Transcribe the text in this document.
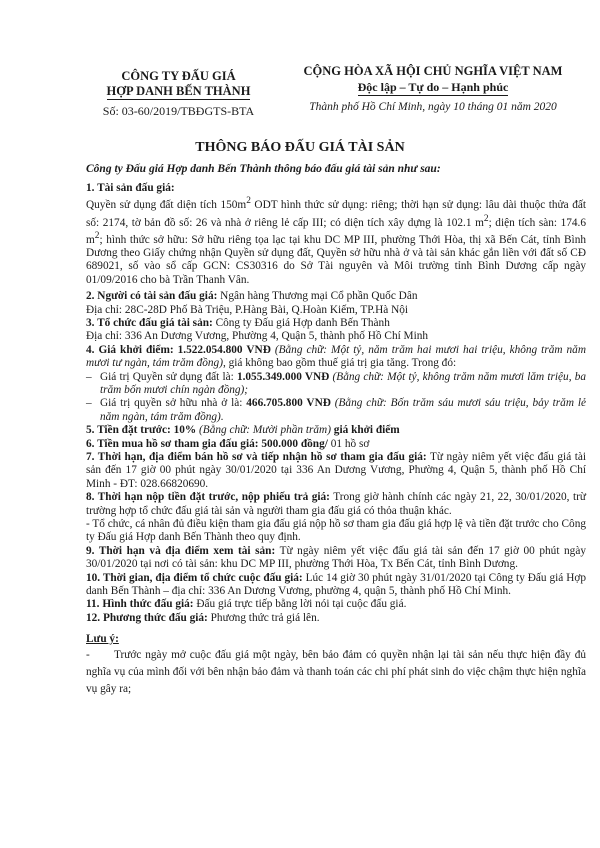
CÔNG TY ĐẤU GIÁ
HỢP DANH BẾN THÀNH
Số: 03-60/2019/TBĐGTS-BTA
CỘNG HÒA XÃ HỘI CHỦ NGHĨA VIỆT NAM
Độc lập – Tự do – Hạnh phúc
Thành phố Hồ Chí Minh, ngày 10 tháng 01 năm 2020
THÔNG BÁO ĐẤU GIÁ TÀI SẢN
Công ty Đấu giá Hợp danh Bến Thành thông báo đấu giá tài sản như sau:

1. Tài sản đấu giá:
Quyền sử dụng đất diện tích $150m^2$ ODT hình thức sử dụng: riêng; thời hạn sử dụng: lâu dài thuộc thửa đất số: 2174, tờ bản đồ số: 26 và nhà ở riêng lẻ cấp III; có diện tích xây dựng là 102.1 $m^2$; diện tích sàn: 174.6 $m^2$; hình thức sở hữu: Sở hữu riêng tọa lạc tại khu DC MP III, phường Thới Hòa, thị xã Bến Cát, tỉnh Bình Dương theo Giấy chứng nhận Quyền sử dụng đất, Quyền sở hữu nhà ở và tài sản khác gắn liền với đất số CĐ 689021, số vào sổ cấp GCN: CS30316 do Sở Tài nguyên và Môi trường tỉnh Bình Dương cấp ngày 01/09/2016 cho bà Trần Thanh Vân.

2. Người có tài sản đấu giá: Ngân hàng Thương mại Cổ phần Quốc Dân
Địa chỉ: 28C-28D Phố Bà Triệu, P.Hàng Bài, Q.Hoàn Kiếm, TP.Hà Nội

3. Tổ chức đấu giá tài sản: Công ty Đấu giá Hợp danh Bến Thành
Địa chỉ: 336 An Dương Vương, Phường 4, Quận 5, thành phố Hồ Chí Minh

4. Giá khởi điểm: 1.522.054.800 VNĐ (Bằng chữ: Một tỷ, năm trăm hai mươi hai triệu, không trăm năm mươi tư ngàn, tám trăm đồng), giá không bao gồm thuế giá trị gia tăng. Trong đó:

– Giá trị Quyền sử dụng đất là: 1.055.349.000 VNĐ (Bằng chữ: Một tỷ, không trăm năm mươi lăm triệu, ba trăm bốn mươi chín ngàn đồng);

– Giá trị quyền sở hữu nhà ở là: 466.705.800 VNĐ (Bằng chữ: Bốn trăm sáu mươi sáu triệu, bảy trăm lẻ năm ngàn, tám trăm đồng).

5. Tiền đặt trước: 10% (Bằng chữ: Mười phần trăm) giá khởi điểm

6. Tiền mua hồ sơ tham gia đấu giá: 500.000 đồng/ 01 hồ sơ

7. Thời hạn, địa điểm bán hồ sơ và tiếp nhận hồ sơ tham gia đấu giá: Từ ngày niêm yết việc đấu giá tài sản đến 17 giờ 00 phút ngày 30/01/2020 tại 336 An Dương Vương, Phường 4, Quận 5, thành phố Hồ Chí Minh - ĐT: 028.66820690.

8. Thời hạn nộp tiền đặt trước, nộp phiếu trả giá: Trong giờ hành chính các ngày 21, 22, 30/01/2020, trừ trường hợp tổ chức đấu giá tài sản và người tham gia đấu giá có thỏa thuận khác.

- Tổ chức, cá nhân đủ điều kiện tham gia đấu giá nộp hồ sơ tham gia đấu giá hợp lệ và tiền đặt trước cho Công ty Đấu giá Hợp danh Bến Thành theo quy định.

9. Thời hạn và địa điểm xem tài sản: Từ ngày niêm yết việc đấu giá tài sản đến 17 giờ 00 phút ngày 30/01/2020 tại nơi có tài sản: khu DC MP III, phường Thới Hòa, Tx Bến Cát, tỉnh Bình Dương.

10. Thời gian, địa điểm tổ chức cuộc đấu giá: Lúc 14 giờ 30 phút ngày 31/01/2020 tại Công ty Đấu giá Hợp danh Bến Thành – địa chỉ: 336 An Dương Vương, phường 4, quận 5, thành phố Hồ Chí Minh.

11. Hình thức đấu giá: Đấu giá trực tiếp bằng lời nói tại cuộc đấu giá.

12. Phương thức đấu giá: Phương thức trả giá lên.

Lưu ý:

- Trước ngày mở cuộc đấu giá một ngày, bên bảo đảm có quyền nhận lại tài sản nếu thực hiện đầy đủ nghĩa vụ của mình đối với bên nhận bảo đảm và thanh toán các chi phí phát sinh do việc chậm thực hiện nghĩa vụ gây ra;
